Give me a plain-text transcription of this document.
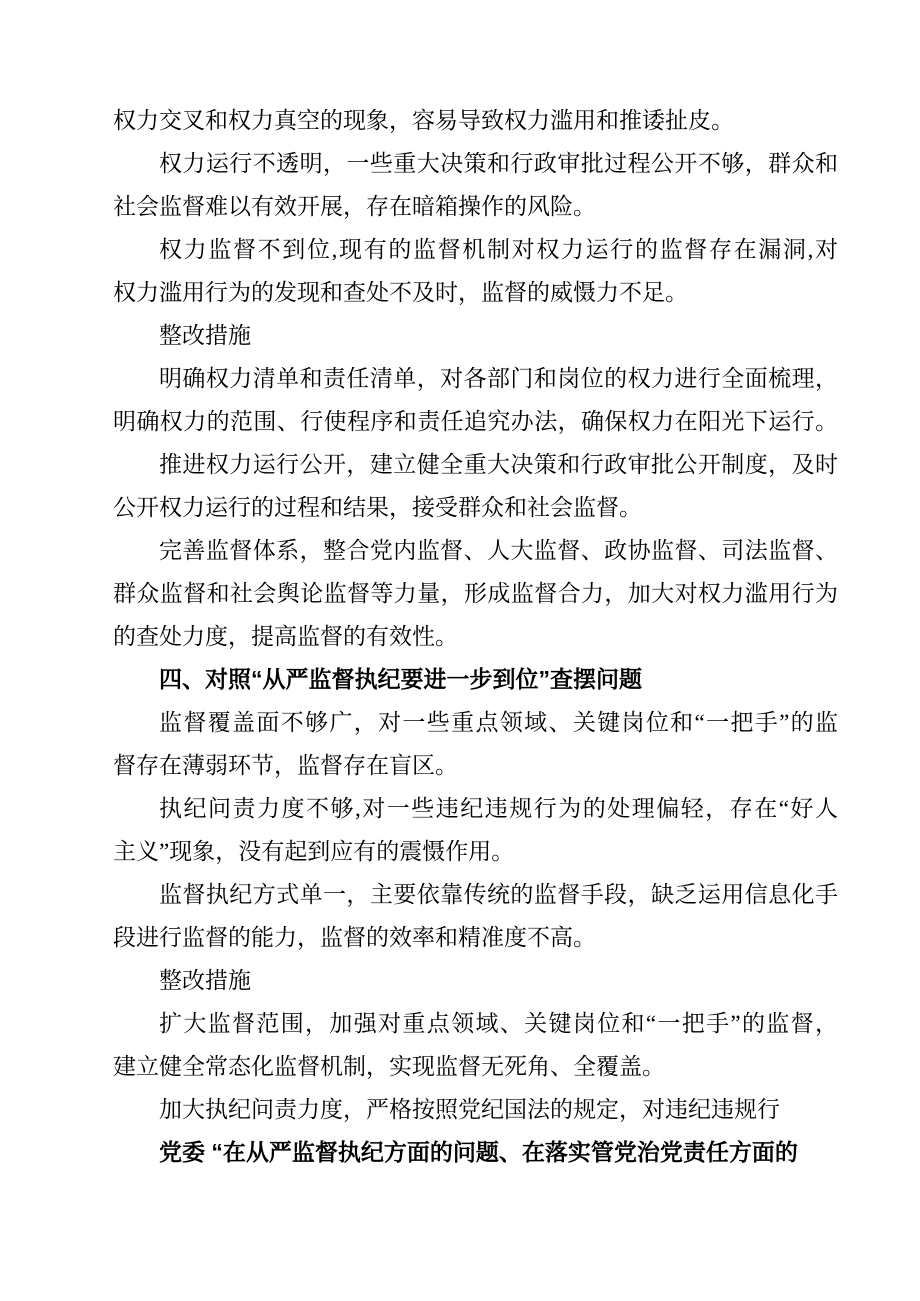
权力交叉和权力真空的现象，容易导致权力滥用和推诿扯皮。
权力运行不透明，一些重大决策和行政审批过程公开不够，群众和
社会监督难以有效开展，存在暗箱操作的风险。
权力监督不到位,现有的监督机制对权力运行的监督存在漏洞,对
权力滥用行为的发现和查处不及时，监督的威慑力不足。
整改措施
明确权力清单和责任清单，对各部门和岗位的权力进行全面梳理，
明确权力的范围、行使程序和责任追究办法，确保权力在阳光下运行。
推进权力运行公开，建立健全重大决策和行政审批公开制度，及时
公开权力运行的过程和结果，接受群众和社会监督。
完善监督体系，整合党内监督、人大监督、政协监督、司法监督、
群众监督和社会舆论监督等力量，形成监督合力，加大对权力滥用行为
的查处力度，提高监督的有效性。
四、对照“从严监督执纪要进一步到位”查摆问题
监督覆盖面不够广，对一些重点领域、关键岗位和“一把手”的监
督存在薄弱环节，监督存在盲区。
执纪问责力度不够,对一些违纪违规行为的处理偏轻，存在“好人
主义”现象，没有起到应有的震慑作用。
监督执纪方式单一，主要依靠传统的监督手段，缺乏运用信息化手
段进行监督的能力，监督的效率和精准度不高。
整改措施
扩大监督范围，加强对重点领域、关键岗位和“一把手”的监督，
建立健全常态化监督机制，实现监督无死角、全覆盖。
加大执纪问责力度，严格按照党纪国法的规定，对违纪违规行
党委 “在从严监督执纪方面的问题、在落实管党治党责任方面的
